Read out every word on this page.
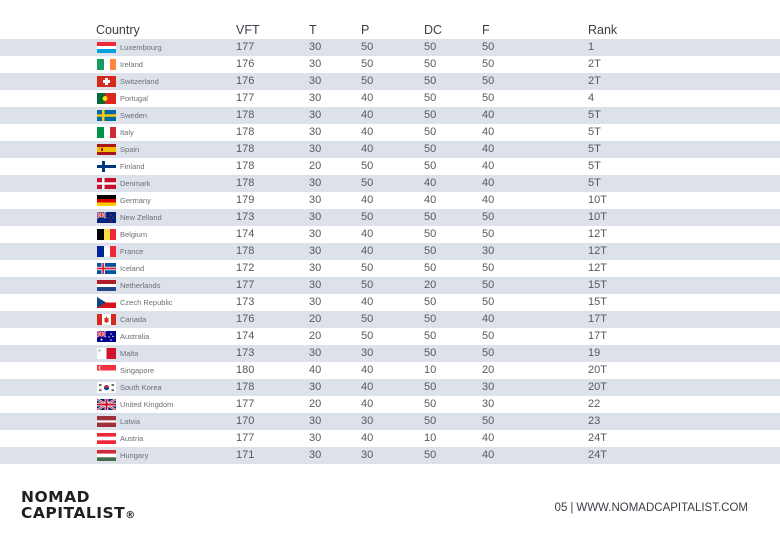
Country	VFT	T	P	DC	F	Rank
Luxembourg	177	30	50	50	50	1
Ireland	176	30	50	50	50	2T
Switzerland	176	30	50	50	50	2T
Portugal	177	30	40	50	50	4
Sweden	178	30	40	50	40	5T
Italy	178	30	40	50	40	5T
Spain	178	30	40	50	40	5T
Finland	178	20	50	50	40	5T
Denmark	178	30	50	40	40	5T
Germany	179	30	40	40	40	10T
New Zelland	173	30	50	50	50	10T
Belgium	174	30	40	50	50	12T
France	178	30	40	50	30	12T
Iceland	172	30	50	50	50	12T
Netherlands	177	30	50	20	50	15T
Czech Republic	173	30	40	50	50	15T
Canada	176	20	50	50	40	17T
Australia	174	20	50	50	50	17T
Malta	173	30	30	50	50	19
Singapore	180	40	40	10	20	20T
South Korea	178	30	40	50	30	20T
United Kingdom	177	20	40	50	30	22
Latvia	170	30	30	50	50	23
Austria	177	30	40	10	40	24T
Hungary	171	30	30	50	40	24T
NOMAD
CAPITALIST®
05 | WWW.NOMADCAPITALIST.COM
